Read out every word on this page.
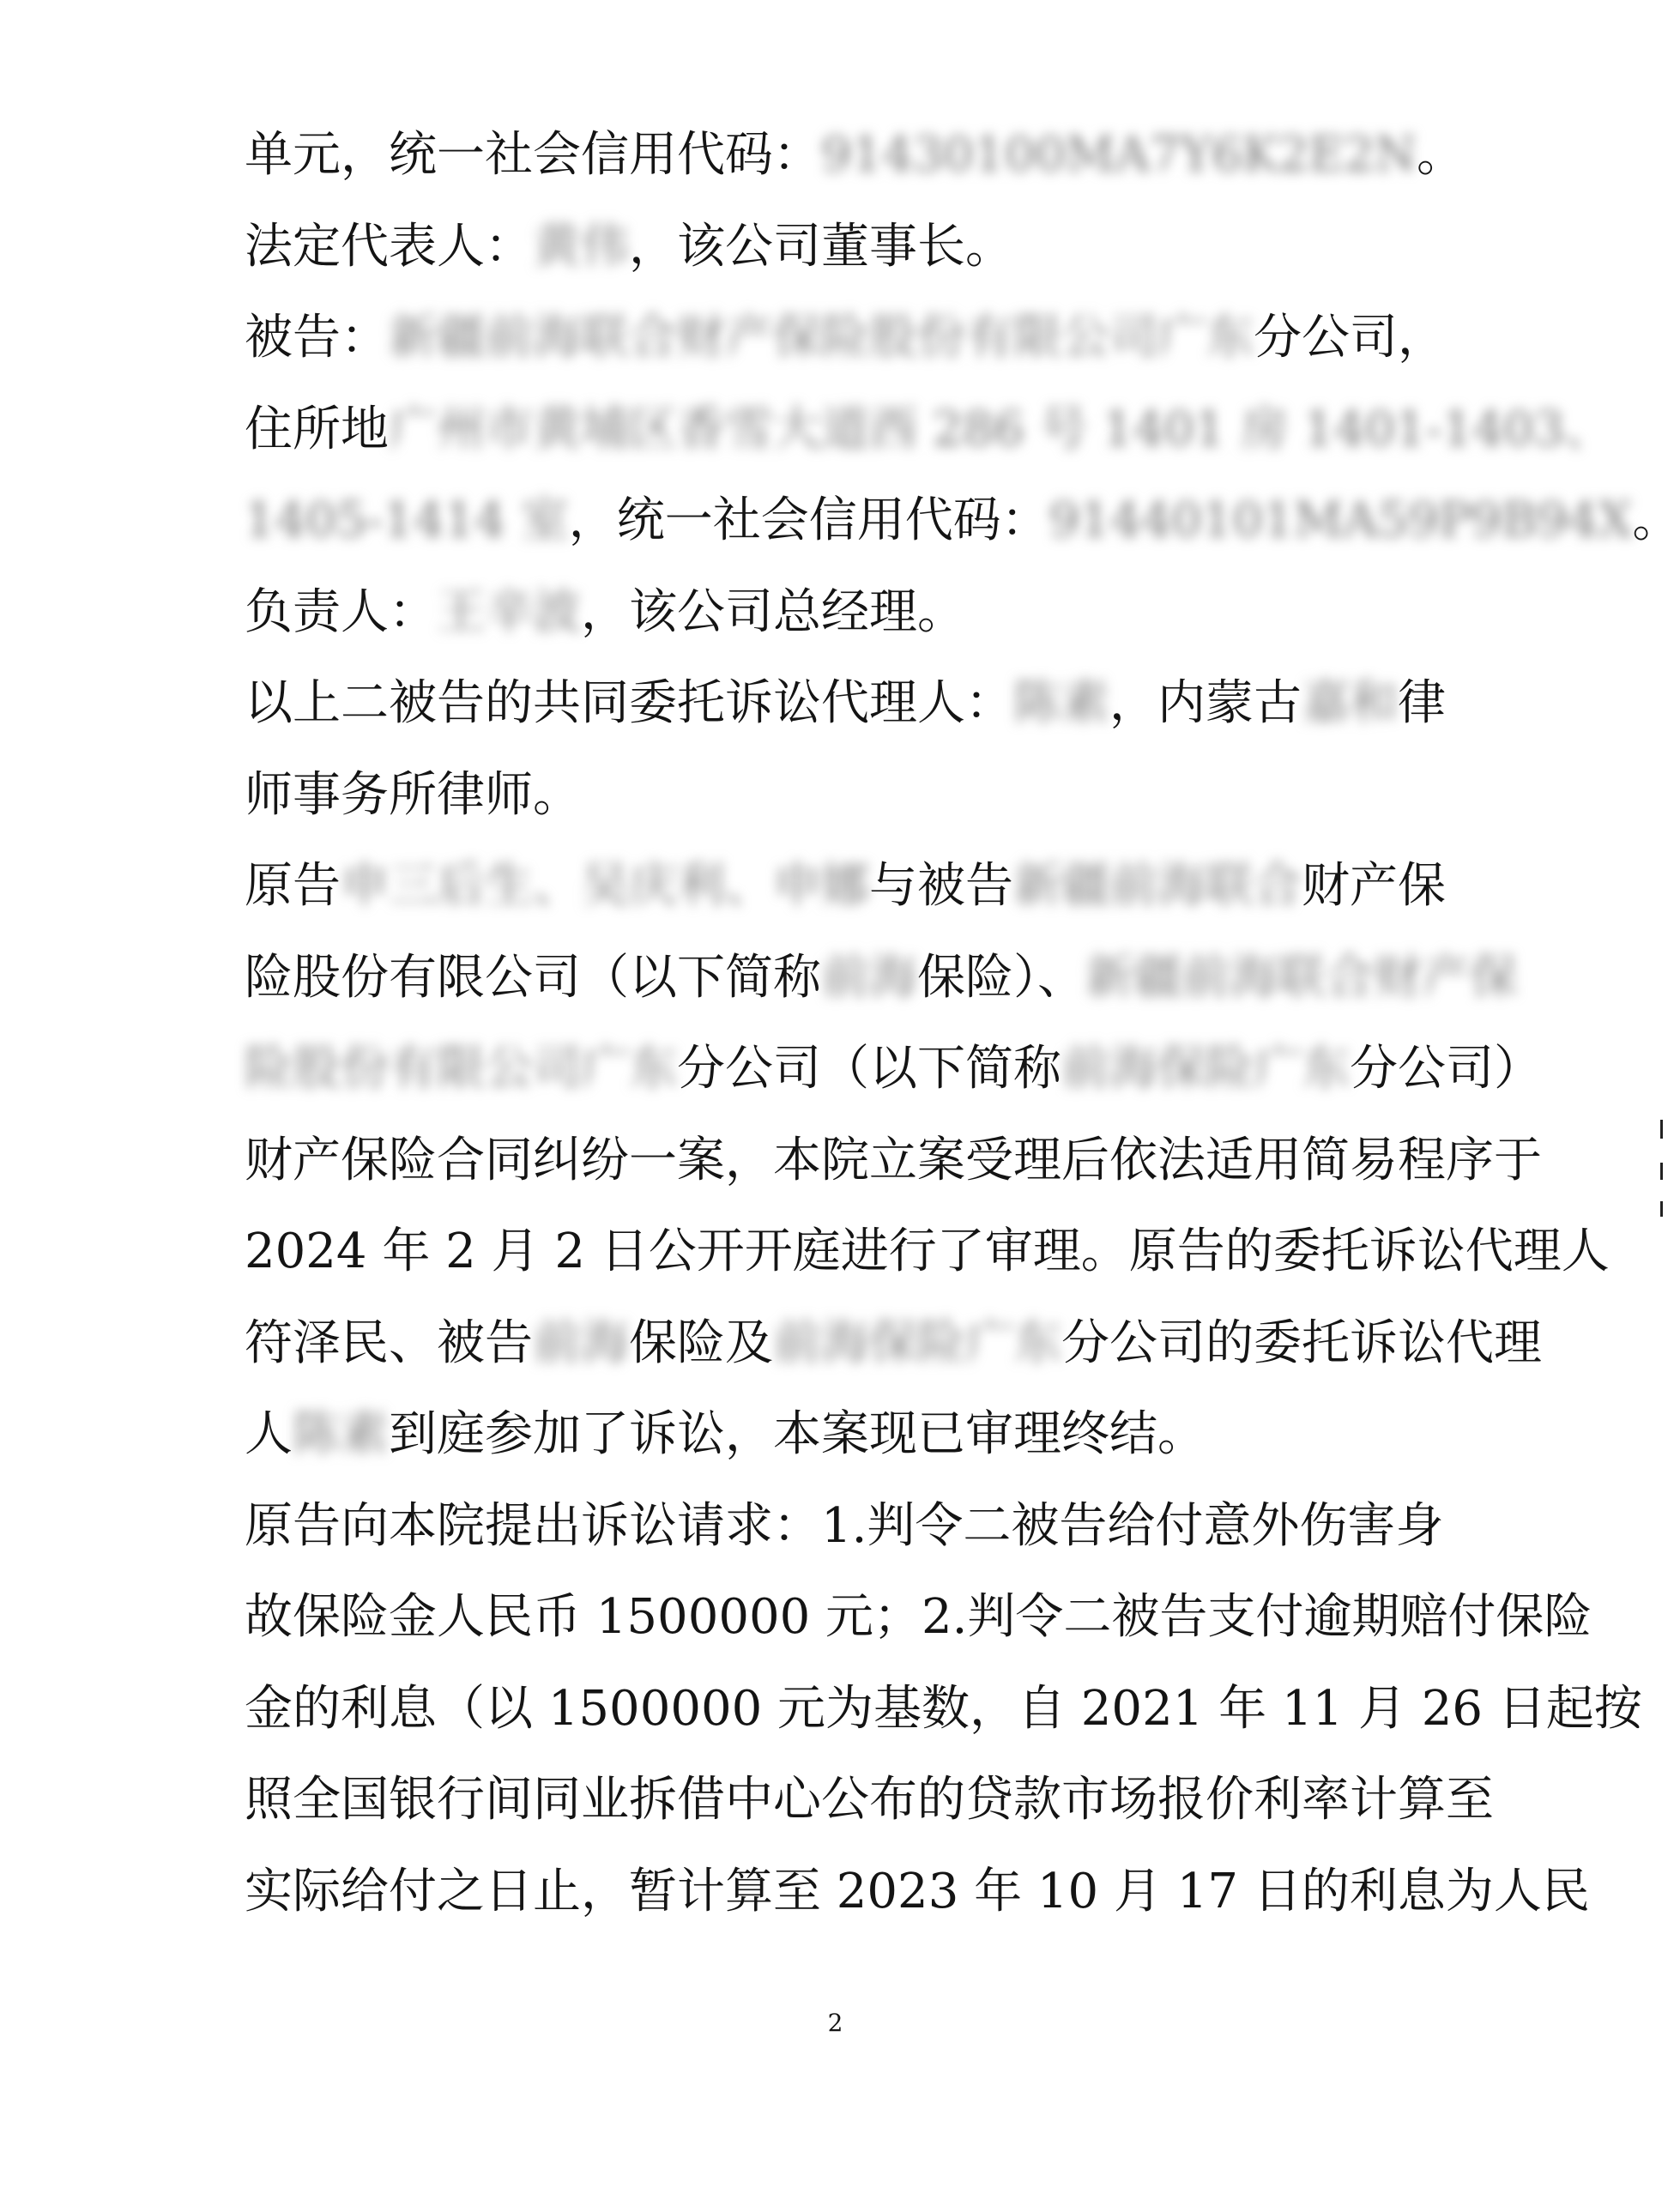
2
单元，统一社会信用代码：91430100MA7Y6K2E2N。
法定代表人：黄伟，该公司董事长。
被告：新疆前海联合财产保险股份有限公司广东分公司，
住所地广州市黄埔区香雪大道西 286 号 1401 房 1401-1403、
1405-1414 室，统一社会信用代码：91440101MA59P9B94X。
负责人：王辛波，该公司总经理。
以上二被告的共同委托诉讼代理人：陈素，内蒙古嘉和律
师事务所律师。
原告申三后生、吴庆利、申娜与被告新疆前海联合财产保
险股份有限公司（以下简称前海保险）、新疆前海联合财产保
险股份有限公司广东分公司（以下简称前海保险广东分公司）
财产保险合同纠纷一案，本院立案受理后依法适用简易程序于
2024 年 2 月 2 日公开开庭进行了审理。原告的委托诉讼代理人
符泽民、被告前海保险及前海保险广东分公司的委托诉讼代理
人陈素到庭参加了诉讼，本案现已审理终结。
原告向本院提出诉讼请求：1.判令二被告给付意外伤害身
故保险金人民币 1500000 元；2.判令二被告支付逾期赔付保险
金的利息（以 1500000 元为基数，自 2021 年 11 月 26 日起按
照全国银行间同业拆借中心公布的贷款市场报价利率计算至
实际给付之日止，暂计算至 2023 年 10 月 17 日的利息为人民
